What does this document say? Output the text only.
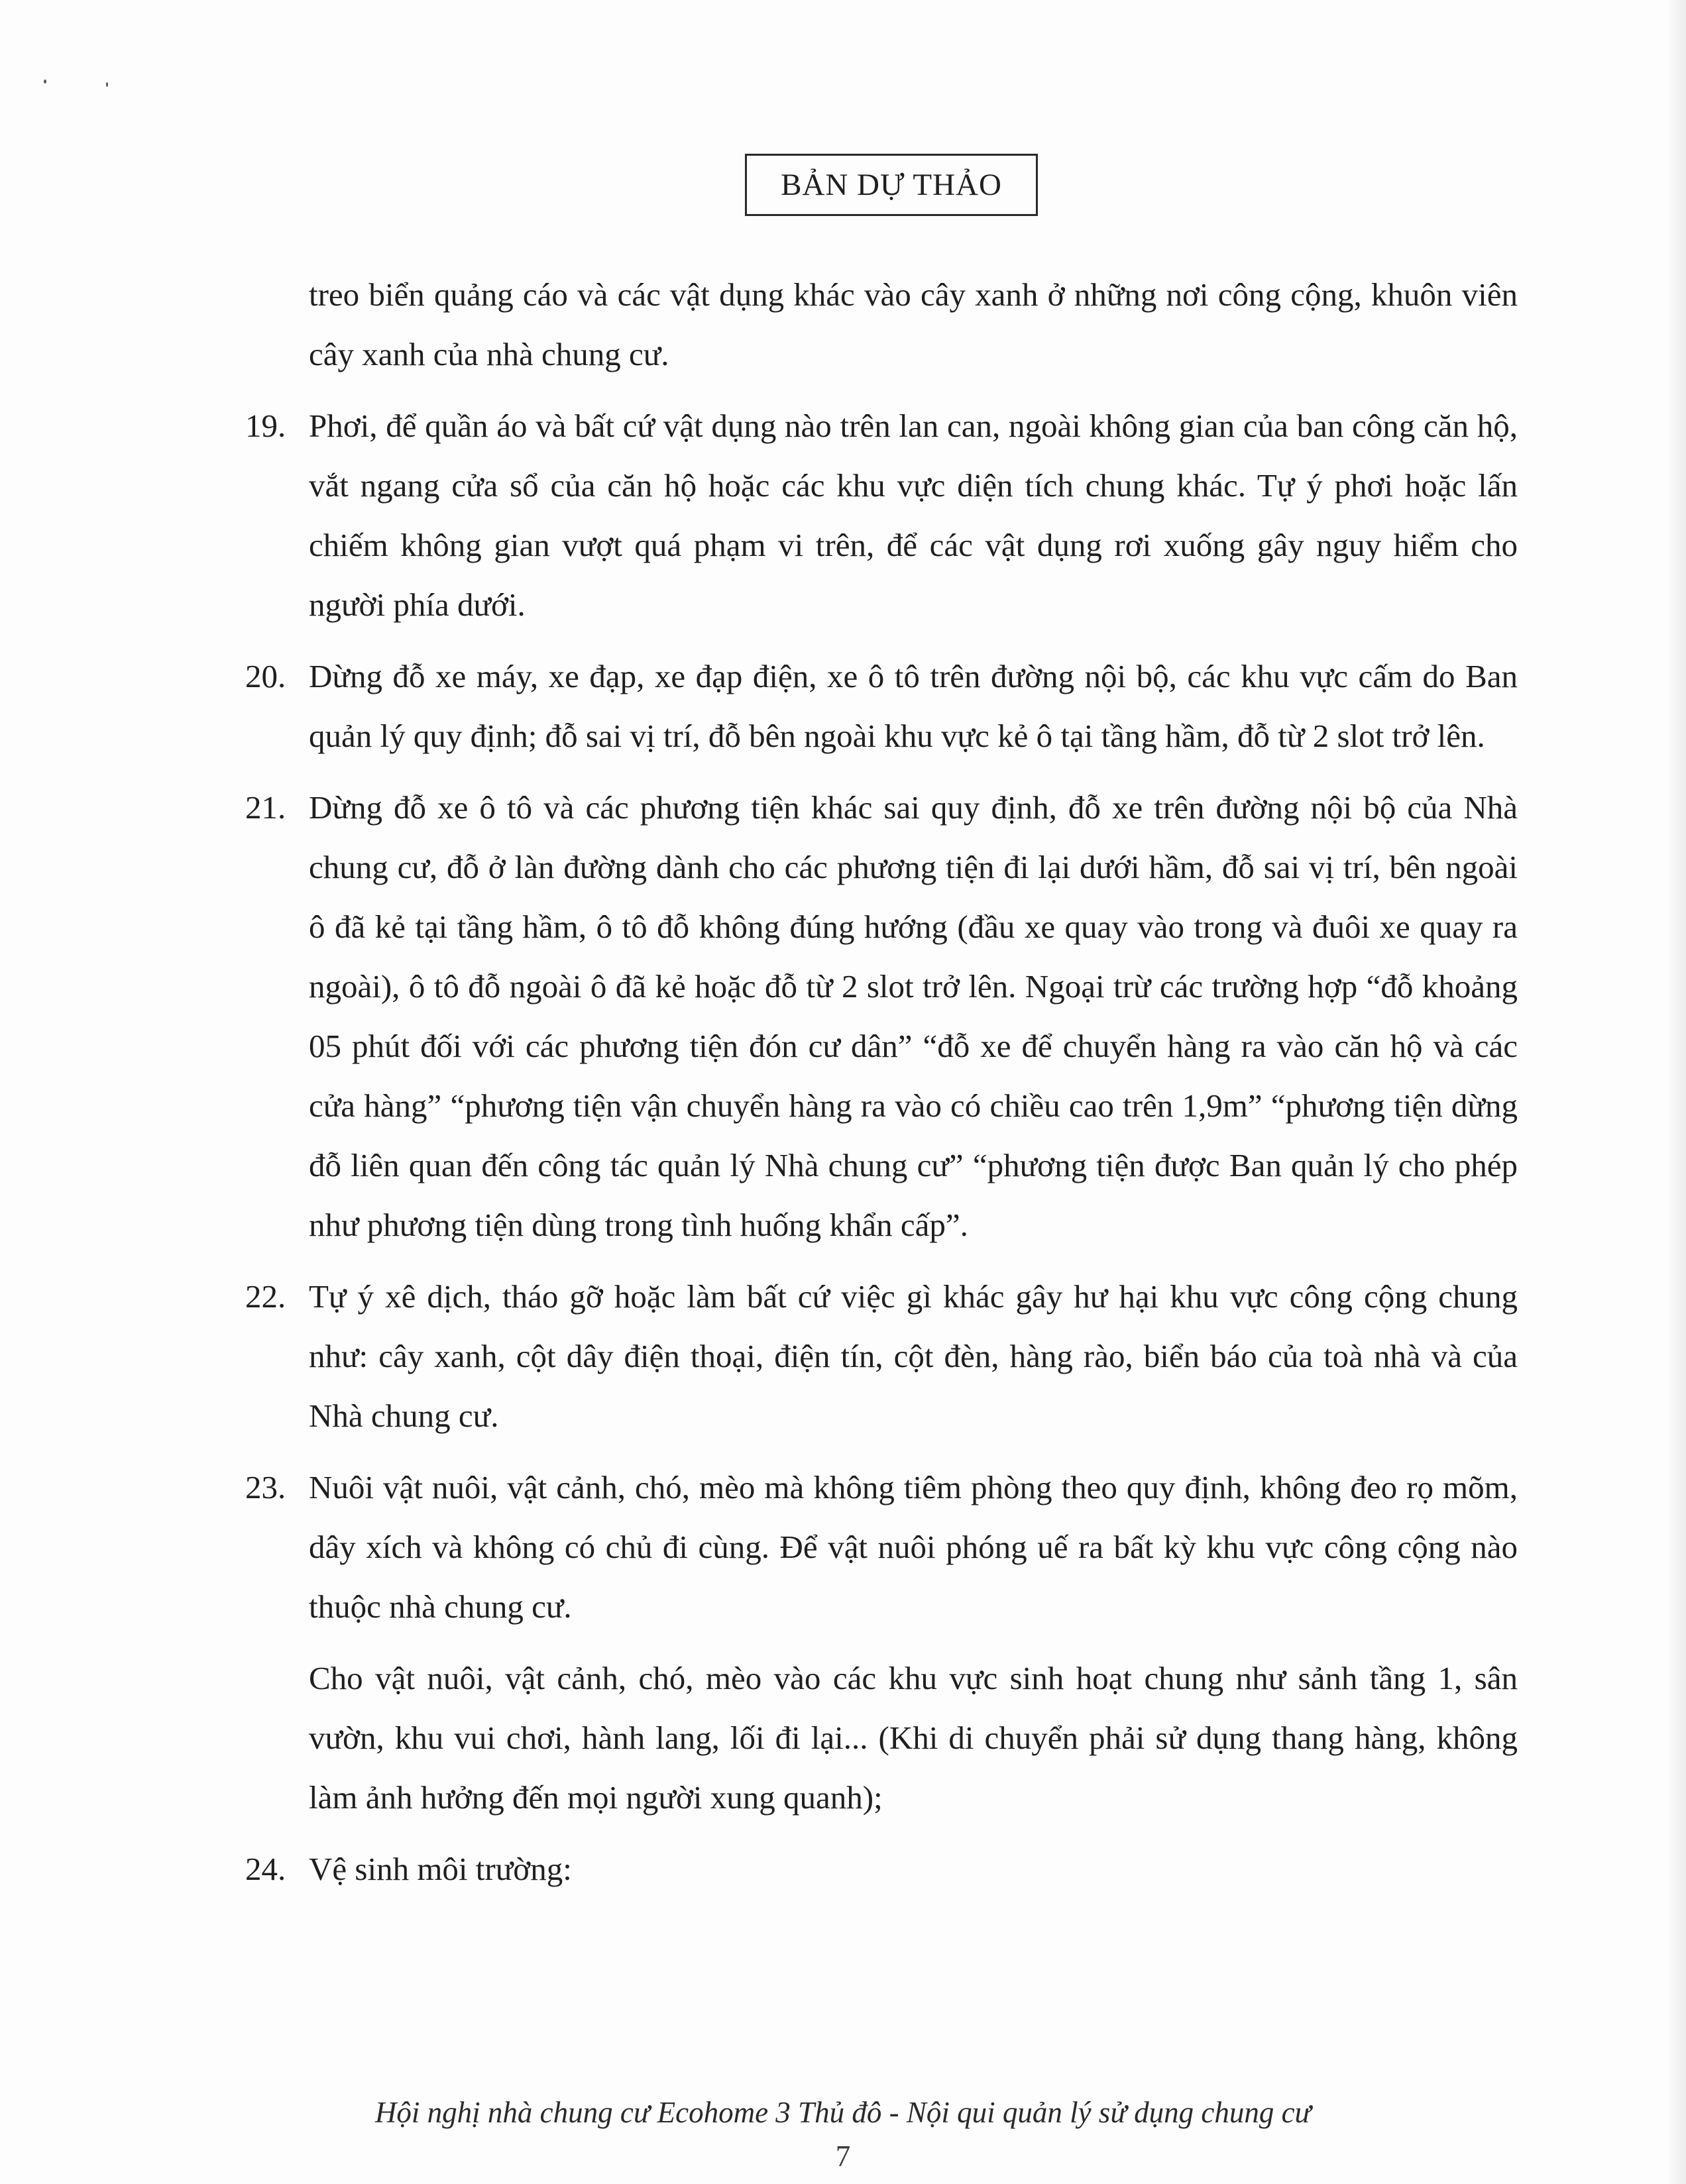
BẢN DỰ THẢO

treo biển quảng cáo và các vật dụng khác vào cây xanh ở những nơi công cộng, khuôn viên cây xanh của nhà chung cư.

19. Phơi, để quần áo và bất cứ vật dụng nào trên lan can, ngoài không gian của ban công căn hộ, vắt ngang cửa sổ của căn hộ hoặc các khu vực diện tích chung khác. Tự ý phơi hoặc lấn chiếm không gian vượt quá phạm vi trên, để các vật dụng rơi xuống gây nguy hiểm cho người phía dưới.
20. Dừng đỗ xe máy, xe đạp, xe đạp điện, xe ô tô trên đường nội bộ, các khu vực cấm do Ban quản lý quy định; đỗ sai vị trí, đỗ bên ngoài khu vực kẻ ô tại tầng hầm, đỗ từ 2 slot trở lên.
21. Dừng đỗ xe ô tô và các phương tiện khác sai quy định, đỗ xe trên đường nội bộ của Nhà chung cư, đỗ ở làn đường dành cho các phương tiện đi lại dưới hầm, đỗ sai vị trí, bên ngoài ô đã kẻ tại tầng hầm, ô tô đỗ không đúng hướng (đầu xe quay vào trong và đuôi xe quay ra ngoài), ô tô đỗ ngoài ô đã kẻ hoặc đỗ từ 2 slot trở lên. Ngoại trừ các trường hợp “đỗ khoảng 05 phút đối với các phương tiện đón cư dân” “đỗ xe để chuyển hàng ra vào căn hộ và các cửa hàng” “phương tiện vận chuyển hàng ra vào có chiều cao trên 1,9m” “phương tiện dừng đỗ liên quan đến công tác quản lý Nhà chung cư” “phương tiện được Ban quản lý cho phép như phương tiện dùng trong tình huống khẩn cấp”.
22. Tự ý xê dịch, tháo gỡ hoặc làm bất cứ việc gì khác gây hư hại khu vực công cộng chung như: cây xanh, cột dây điện thoại, điện tín, cột đèn, hàng rào, biển báo của toà nhà và của Nhà chung cư.
23. Nuôi vật nuôi, vật cảnh, chó, mèo mà không tiêm phòng theo quy định, không đeo rọ mõm, dây xích và không có chủ đi cùng. Để vật nuôi phóng uế ra bất kỳ khu vực công cộng nào thuộc nhà chung cư.

Cho vật nuôi, vật cảnh, chó, mèo vào các khu vực sinh hoạt chung như sảnh tầng 1, sân vườn, khu vui chơi, hành lang, lối đi lại... (Khi di chuyển phải sử dụng thang hàng, không làm ảnh hưởng đến mọi người xung quanh);

24. Vệ sinh môi trường:
Hội nghị nhà chung cư Ecohome 3 Thủ đô - Nội qui quản lý sử dụng chung cư
7
